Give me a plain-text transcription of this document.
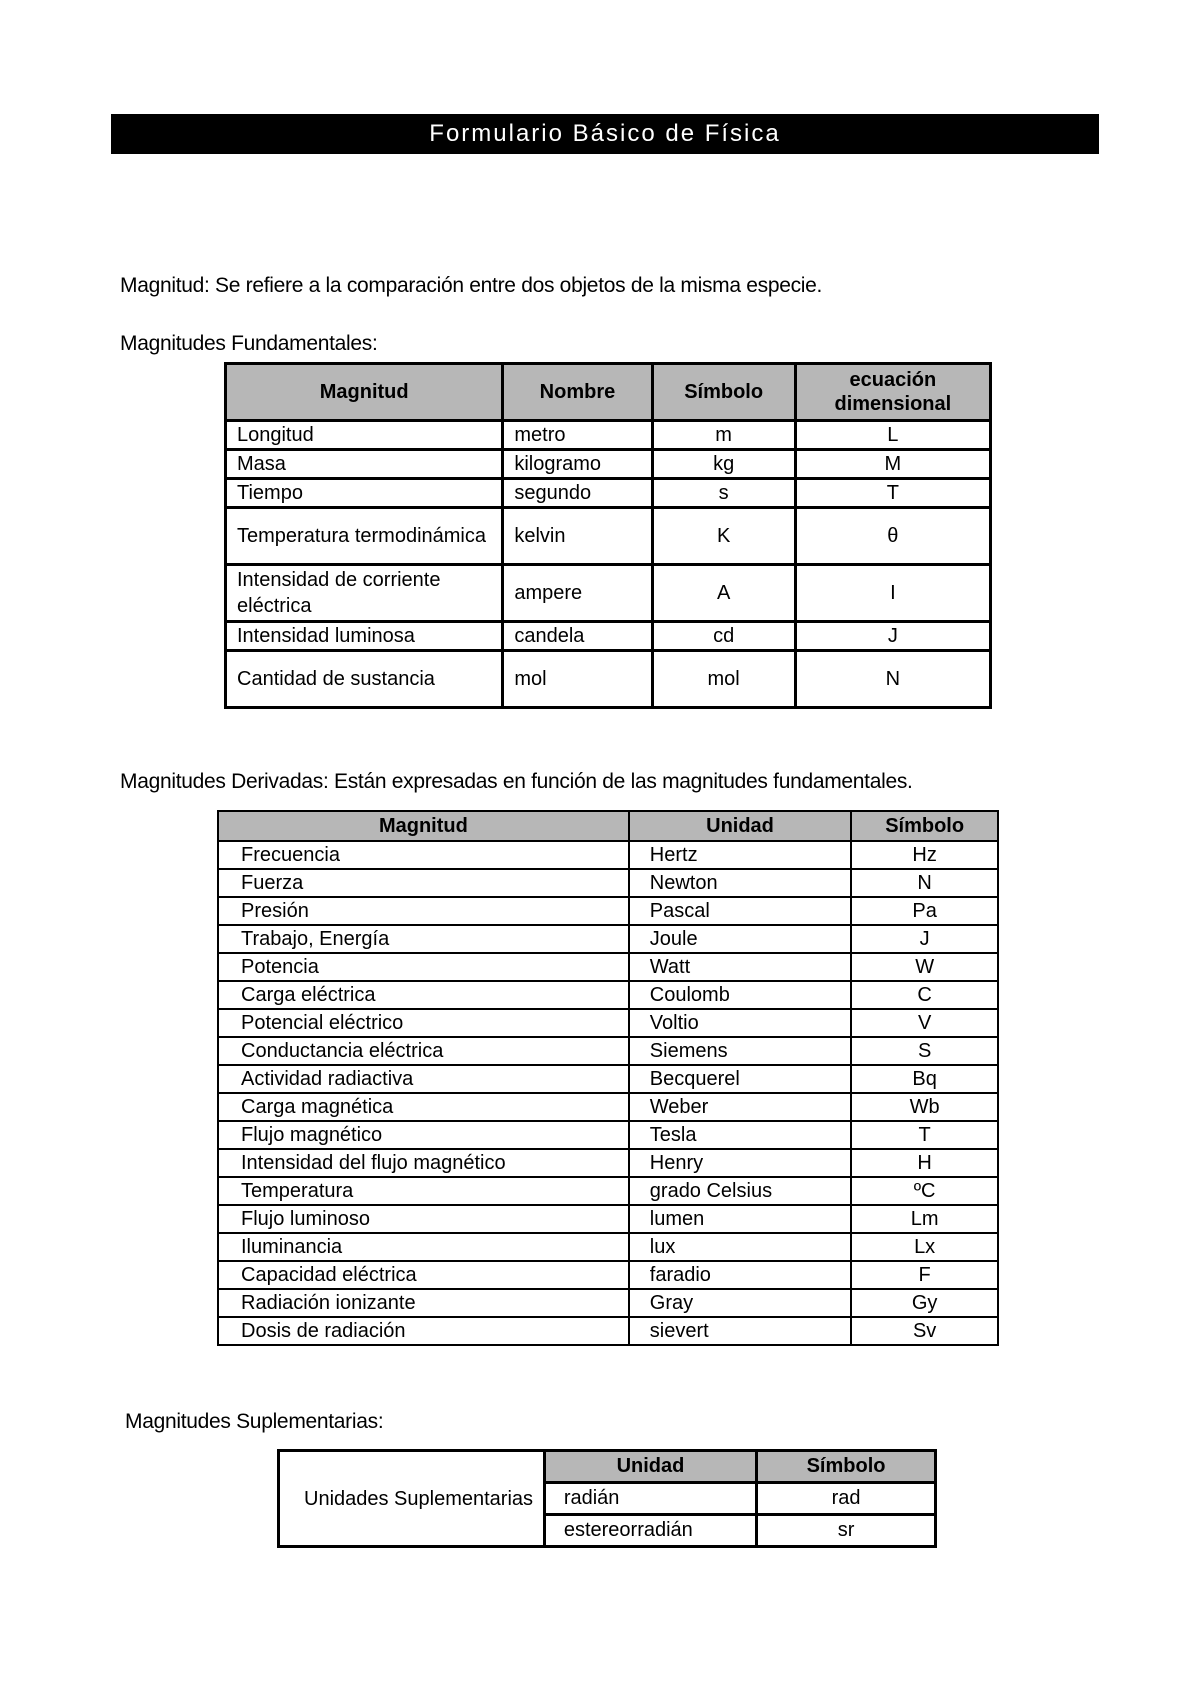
Formulario Básico de Física
Magnitud: Se refiere a la comparación entre dos objetos de la misma especie.
Magnitudes Fundamentales:
Magnitud	Nombre	Símbolo	ecuación dimensional
Longitud	metro	m	L
Masa	kilogramo	kg	M
Tiempo	segundo	s	T
Temperatura termodinámica	kelvin	K	θ
Intensidad de corriente eléctrica	ampere	A	I
Intensidad luminosa	candela	cd	J
Cantidad de sustancia	mol	mol	N
Magnitudes Derivadas: Están expresadas en función de las magnitudes fundamentales.
Magnitud	Unidad	Símbolo
Frecuencia	Hertz	Hz
Fuerza	Newton	N
Presión	Pascal	Pa
Trabajo, Energía	Joule	J
Potencia	Watt	W
Carga eléctrica	Coulomb	C
Potencial eléctrico	Voltio	V
Conductancia eléctrica	Siemens	S
Actividad radiactiva	Becquerel	Bq
Carga magnética	Weber	Wb
Flujo magnético	Tesla	T
Intensidad del flujo magnético	Henry	H
Temperatura	grado Celsius	ºC
Flujo luminoso	lumen	Lm
Iluminancia	lux	Lx
Capacidad eléctrica	faradio	F
Radiación ionizante	Gray	Gy
Dosis de radiación	sievert	Sv
Magnitudes Suplementarias:
Unidades Suplementarias	Unidad	Símbolo
	radián	rad
	estereorradián	sr
